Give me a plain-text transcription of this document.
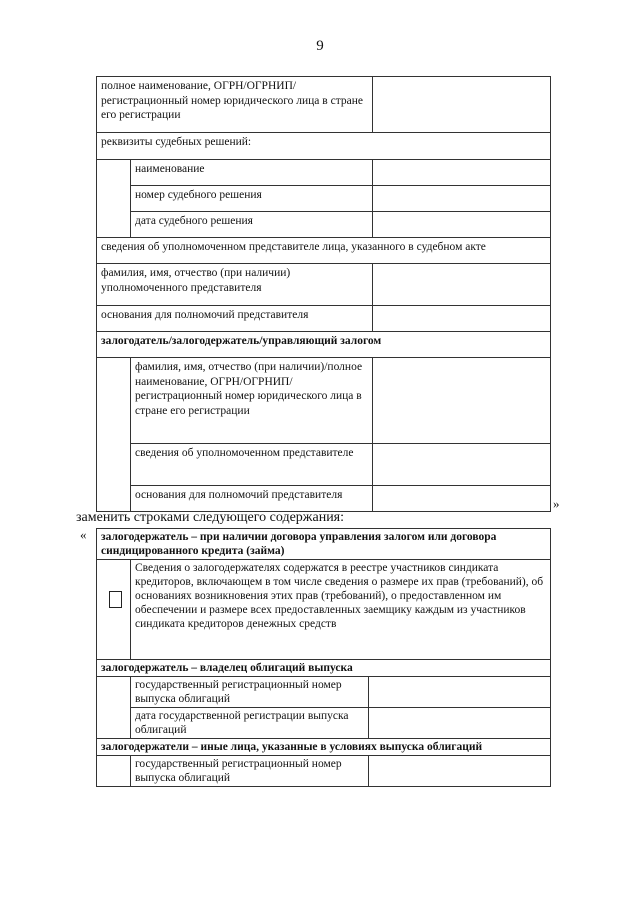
9
полное наименование, ОГРН/ОГРНИП/ регистрационный номер юридического лица в стране его регистрации		
реквизиты судебных решений:		
	наименование	
	номер судебного решения	
	дата судебного решения	
сведения об уполномоченном представителе лица, указанного в судебном акте		
фамилия, имя, отчество (при наличии) уполномоченного представителя		
основания для полномочий представителя		
залогодатель/залогодержатель/управляющий залогом		
	фамилия, имя, отчество (при наличии)/полное наименование, ОГРН/ОГРНИП/регистрационный номер юридического лица в стране его регистрации	
	сведения об уполномоченном представителе	
	основания для полномочий представителя	
»
заменить строками следующего содержания:
« залогодержатель – при наличии договора управления залогом или договора синдицированного кредита (займа)		
	Сведения о залогодержателях содержатся в реестре участников синдиката кредиторов, включающем в том числе сведения о размере их прав (требований), об основаниях возникновения этих прав (требований), о предоставленном им обеспечении и размере всех предоставленных заемщику каждым из участников синдиката кредиторов денежных средств	
залогодержатель – владелец облигаций выпуска		
	государственный регистрационный номер выпуска облигаций	
	дата государственной регистрации выпуска облигаций	
залогодержатели – иные лица, указанные в условиях выпуска облигаций		
	государственный регистрационный номер выпуска облигаций	
